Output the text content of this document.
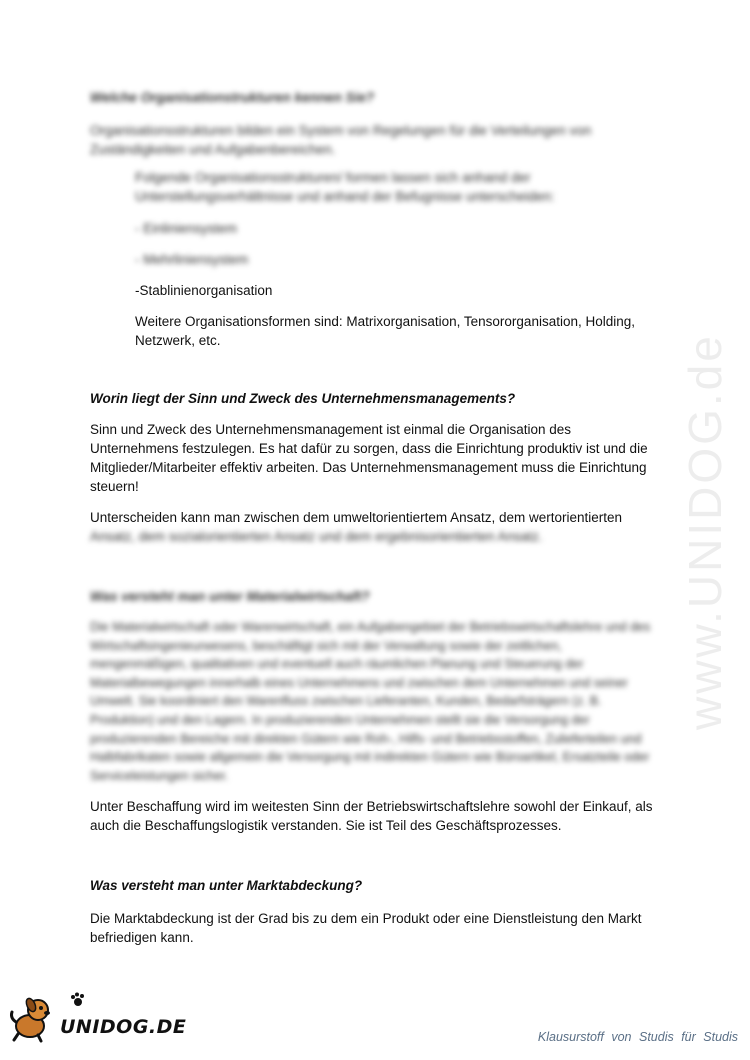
www.UNIDOG.de
Welche Organisationstrukturen kennen Sie?
Organisationsstrukturen bilden ein System von Regelungen für die Verteilungen von Zuständigkeiten und Aufgabenbereichen.
Folgende Organisationsstrukturen/ formen lassen sich anhand der Unterstellungsverhältnisse und anhand der Befugnisse unterscheiden:
- Einliniensystem
- Mehrliniensystem
-Stablinienorganisation
Weitere Organisationsformen sind: Matrixorganisation, Tensororganisation, Holding, Netzwerk, etc.
Worin liegt der Sinn und Zweck des Unternehmensmanagements?
Sinn und Zweck des Unternehmensmanagement ist einmal die Organisation des Unternehmens festzulegen. Es hat dafür zu sorgen, dass die Einrichtung produktiv ist und die Mitglieder/Mitarbeiter effektiv arbeiten. Das Unternehmensmanagement muss die Einrichtung steuern!
Unterscheiden kann man zwischen dem umweltorientiertem Ansatz, dem wertorientierten
Ansatz, dem sozialorientierten Ansatz und dem ergebnisorientierten Ansatz.
Was versteht man unter Materialwirtschaft?
Die Materialwirtschaft oder Warenwirtschaft, ein Aufgabengebiet der Betriebswirtschaftslehre und des Wirtschaftsingenieurwesens, beschäftigt sich mit der Verwaltung sowie der zeitlichen, mengenmäßigen, qualitativen und eventuell auch räumlichen Planung und Steuerung der Materialbewegungen innerhalb eines Unternehmens und zwischen dem Unternehmen und seiner Umwelt. Sie koordiniert den Warenfluss zwischen Lieferanten, Kunden, Bedarfsträgern (z. B. Produktion) und den Lagern. In produzierenden Unternehmen stellt sie die Versorgung der produzierenden Bereiche mit direkten Gütern wie Roh-, Hilfs- und Betriebsstoffen, Zulieferteilen und Halbfabrikaten sowie allgemein die Versorgung mit indirekten Gütern wie Büroartikel, Ersatzteile oder Serviceleistungen sicher.
Unter Beschaffung wird im weitesten Sinn der Betriebswirtschaftslehre sowohl der Einkauf, als auch die Beschaffungslogistik verstanden. Sie ist Teil des Geschäftsprozesses.
Was versteht man unter Marktabdeckung?
Die Marktabdeckung ist der Grad bis zu dem ein Produkt oder eine Dienstleistung den Markt befriedigen kann.
UNIDOG.DE	Klausurstoff von Studis für Studis
